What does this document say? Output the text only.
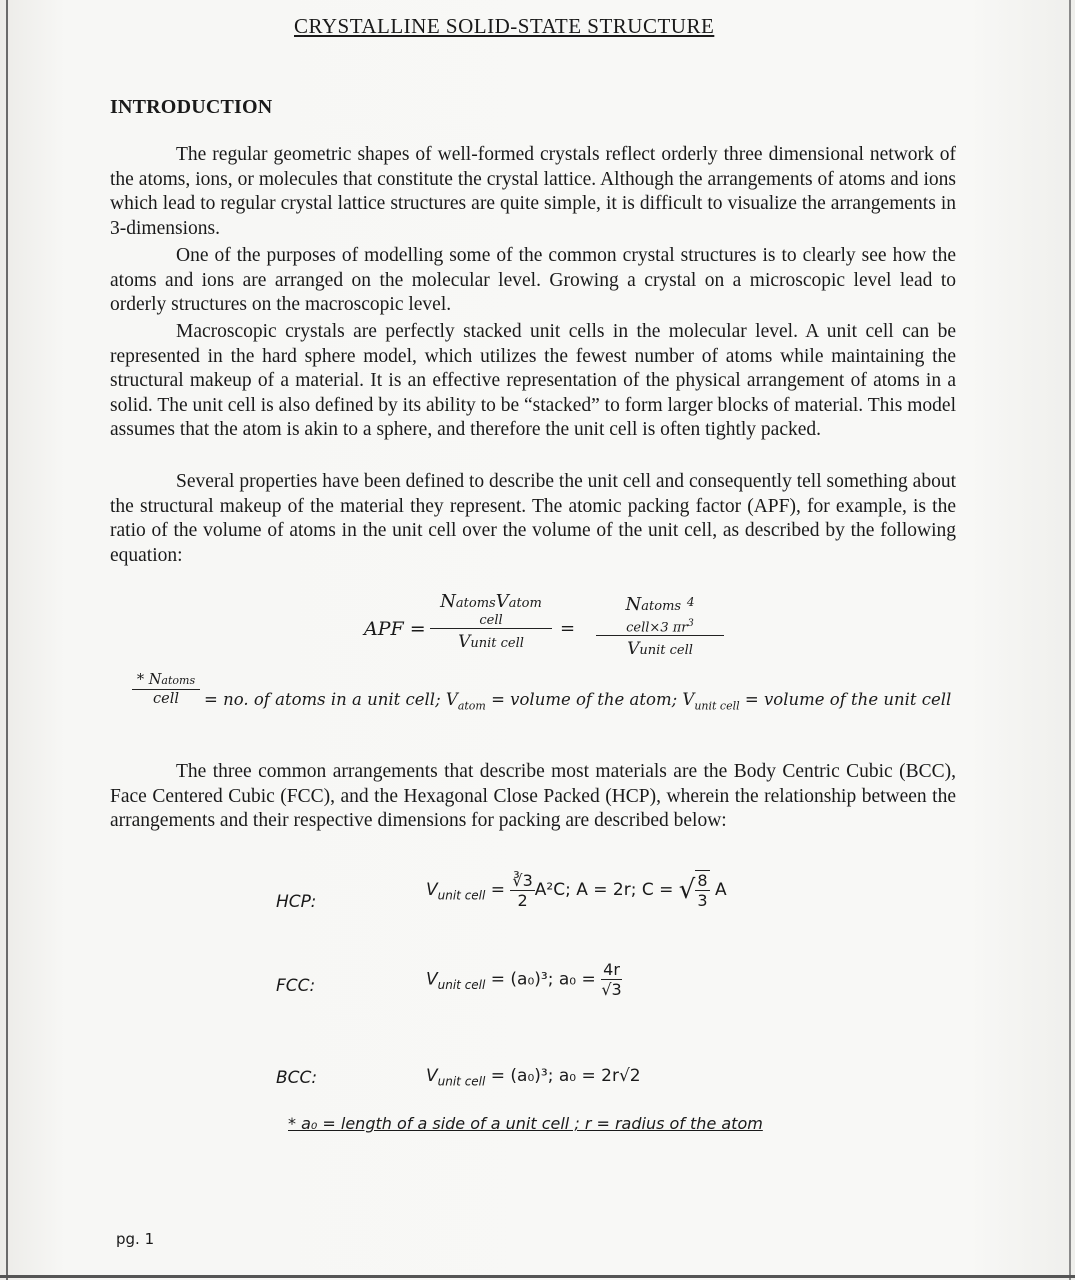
CRYSTALLINE SOLID-STATE STRUCTURE
INTRODUCTION

The regular geometric shapes of well-formed crystals reflect orderly three dimensional network of the atoms, ions, or molecules that constitute the crystal lattice. Although the arrangements of atoms and ions which lead to regular crystal lattice structures are quite simple, it is difficult to visualize the arrangements in 3-dimensions.

One of the purposes of modelling some of the common crystal structures is to clearly see how the atoms and ions are arranged on the molecular level. Growing a crystal on a microscopic level lead to orderly structures on the macroscopic level.

Macroscopic crystals are perfectly stacked unit cells in the molecular level. A unit cell can be represented in the hard sphere model, which utilizes the fewest number of atoms while maintaining the structural makeup of a material. It is an effective representation of the physical arrangement of atoms in a solid. The unit cell is also defined by its ability to be “stacked” to form larger blocks of material. This model assumes that the atom is akin to a sphere, and therefore the unit cell is often tightly packed.

Several properties have been defined to describe the unit cell and consequently tell something about the structural makeup of the material they represent. The atomic packing factor (APF), for example, is the ratio of the volume of atoms in the unit cell over the volume of the unit cell, as described by the following equation:

APF =
NatomsVatom
cell
Vunit cell
=
Natoms $^4$
cell×3 $\pi r^3$
Vunit cell
* Natoms
cell	= no. of atoms in a unit cell; $V_{atom}$ = volume of the atom; $V_{unit cell}$ = volume of the unit cell

The three common arrangements that describe most materials are the Body Centric Cubic (BCC), Face Centered Cubic (FCC), and the Hexagonal Close Packed (HCP), wherein the relationship between the arrangements and their respective dimensions for packing are described below:

HCP:
$V_{unit cell} = \frac{∛3}{2} A^2C$; A = 2r; C = √ $\frac{8}{3}$ A
FCC:	$V_{unit cell} = (a_0)^3$; $a_0 = \frac{4r}{√3}$
BCC:	$V_{unit cell} = (a_0)^3$; a₀ = 2r√2
* a₀ = length of a side of a unit cell ; r = radius of the atom
pg. 1
